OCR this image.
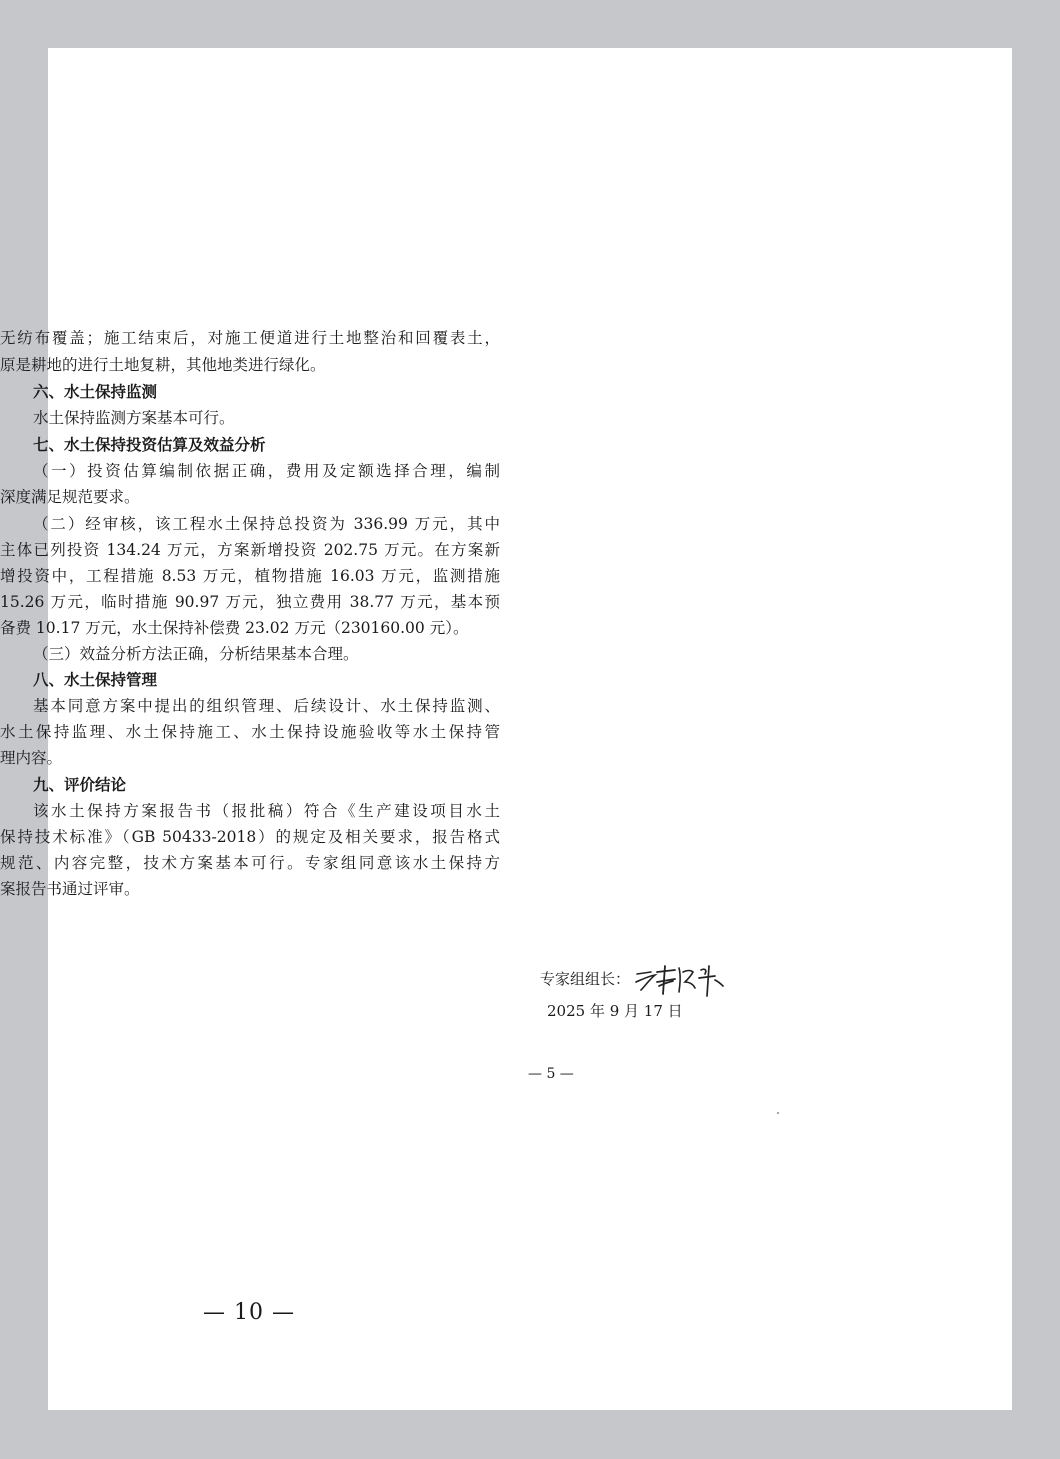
无纺布覆盖；施工结束后，对施工便道进行土地整治和回覆表土，
原是耕地的进行土地复耕，其他地类进行绿化。
六、水土保持监测
水土保持监测方案基本可行。
七、水土保持投资估算及效益分析
（一）投资估算编制依据正确，费用及定额选择合理，编制
深度满足规范要求。
（二）经审核，该工程水土保持总投资为 336.99 万元，其中
主体已列投资 134.24 万元，方案新增投资 202.75 万元。在方案新
增投资中，工程措施 8.53 万元，植物措施 16.03 万元，监测措施
15.26 万元，临时措施 90.97 万元，独立费用 38.77 万元，基本预
备费 10.17 万元，水土保持补偿费 23.02 万元（230160.00 元）。
（三）效益分析方法正确，分析结果基本合理。
八、水土保持管理
基本同意方案中提出的组织管理、后续设计、水土保持监测、
水土保持监理、水土保持施工、水土保持设施验收等水土保持管
理内容。
九、评价结论
该水土保持方案报告书（报批稿）符合《生产建设项目水土
保持技术标准》（GB 50433-2018）的规定及相关要求，报告格式
规范、内容完整，技术方案基本可行。专家组同意该水土保持方
案报告书通过评审。
专家组组长：
2025 年 9 月 17 日
— 5 —
— 10 —
